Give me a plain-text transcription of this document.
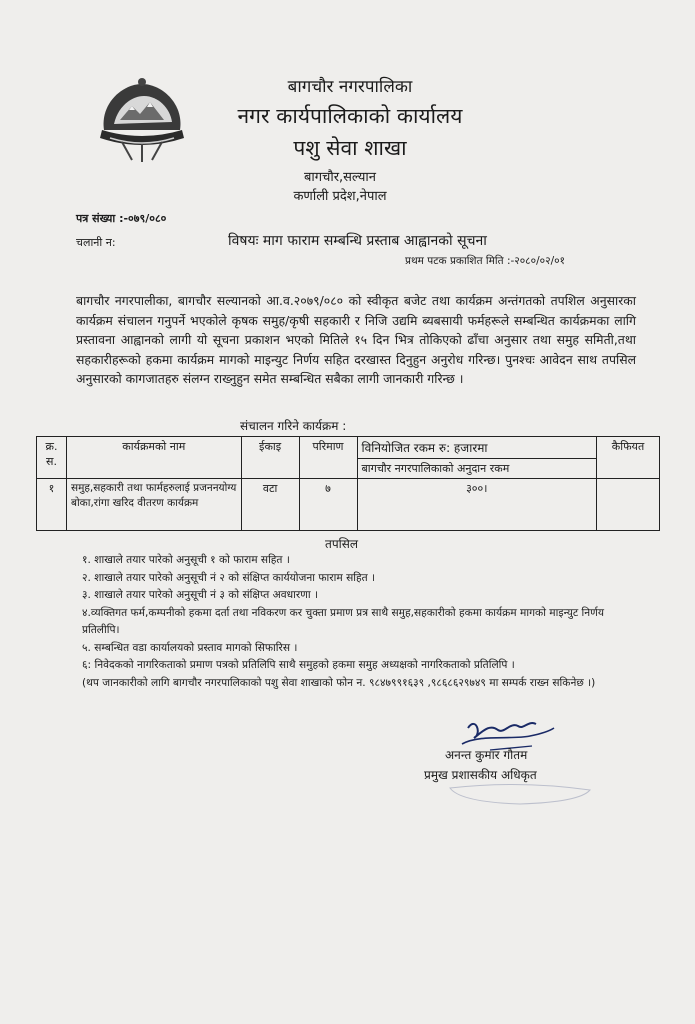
बागचौर नगरपालिका
नगर कार्यपालिकाको कार्यालय
पशु सेवा शाखा
बागचौर,सल्यान
कर्णाली प्रदेश,नेपाल
पत्र संख्या :-०७९/०८०
चलानी न:	विषयः माग फाराम सम्बन्धि प्रस्ताब आह्वानको सूचना
प्रथम पटक प्रकाशित मिति :-२०८०/०२/०१
बागचौर नगरपालीका, बागचौर सल्यानको आ.व.२०७९/०८० को स्वीकृत बजेट तथा कार्यक्रम अन्तंगतको तपशिल अनुसारका कार्यक्रम संचालन गनुपर्ने भएकोले कृषक समुह/कृषी सहकारी र निजि उद्यमि ब्यबसायी फर्महरूले सम्बन्धित कार्यक्रमका लागि प्रस्तावना आह्वानको लागी यो सूचना प्रकाशन भएको मितिले १५ दिन भित्र तोकिएको ढाँचा अनुसार तथा समुह समिती,तथा सहकारीहरूको हकमा कार्यक्रम मागको माइन्युट निर्णय सहित दरखास्त दिनुहुन अनुरोध गरिन्छ। पुनश्चः आवेदन साथ तपसिल अनुसारको कागजातहरु संलग्न राख्नुहुन समेत सम्बन्धित सबैका लागी जानकारी गरिन्छ ।
संचालन गरिने कार्यक्रम :
क्र. स.	कार्यक्रमको नाम	ईकाइ	परिमाण	विनियोजित रकम रु: हजारमा	कैफियत
				बागचौर नगरपालिकाको अनुदान रकम	
१	समुह,सहकारी तथा फार्महरुलाई प्रजननयोग्य बोका,रांगा खरिद वीतरण कार्यक्रम	वटा	७	३००।	
तपसिल
१. शाखाले तयार पारेको अनुसूची १ को फाराम सहित ।
२. शाखाले तयार पारेको अनुसूची नं २ को संक्षिप्त कार्ययोजना फाराम सहित ।
३. शाखाले तयार पारेको अनुसूची नं ३ को संक्षिप्त अवधारणा ।
४.व्यक्तिगत फर्म,कम्पनीको हकमा दर्ता तथा नविकरण कर चुक्ता प्रमाण प्रत्र साथै समुह,सहकारीको हकमा कार्यक्रम मागको माइन्युट निर्णय प्रतिलीपि।
५. सम्बन्धित वडा कार्यालयको प्रस्ताव मागको सिफारिस ।
६: निवेदकको नागरिकताको प्रमाण पत्रको प्रतिलिपि साथै समुहको हकमा समुह अध्यक्षको नागरिकताको प्रतिलिपि ।
(थप जानकारीको लागि बागचौर नगरपालिकाको पशु सेवा शाखाको फोन न. ९८४७९९१६३९ ,९८६८६२९७४९ मा सम्पर्क राख्न सकिनेछ ।)
अनन्त कुमार गौतम
प्रमुख प्रशासकीय अधिकृत
